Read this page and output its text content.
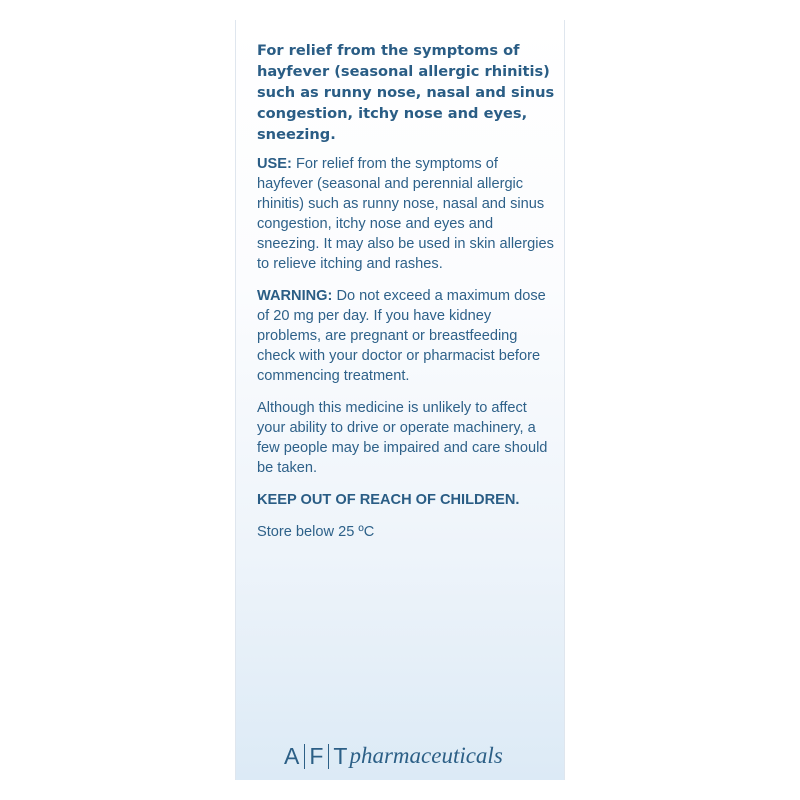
For relief from the symptoms of hayfever (seasonal allergic rhinitis) such as runny nose, nasal and sinus congestion, itchy nose and eyes, sneezing.

USE: For relief from the symptoms of hayfever (seasonal and perennial allergic rhinitis) such as runny nose, nasal and sinus congestion, itchy nose and eyes and sneezing. It may also be used in skin allergies to relieve itching and rashes.

WARNING: Do not exceed a maximum dose of 20 mg per day. If you have kidney problems, are pregnant or breastfeeding check with your doctor or pharmacist before commencing treatment.

Although this medicine is unlikely to affect your ability to drive or operate machinery, a few people may be impaired and care should be taken.

KEEP OUT OF REACH OF CHILDREN.

Store below 25 ºC

A F T pharmaceuticals
